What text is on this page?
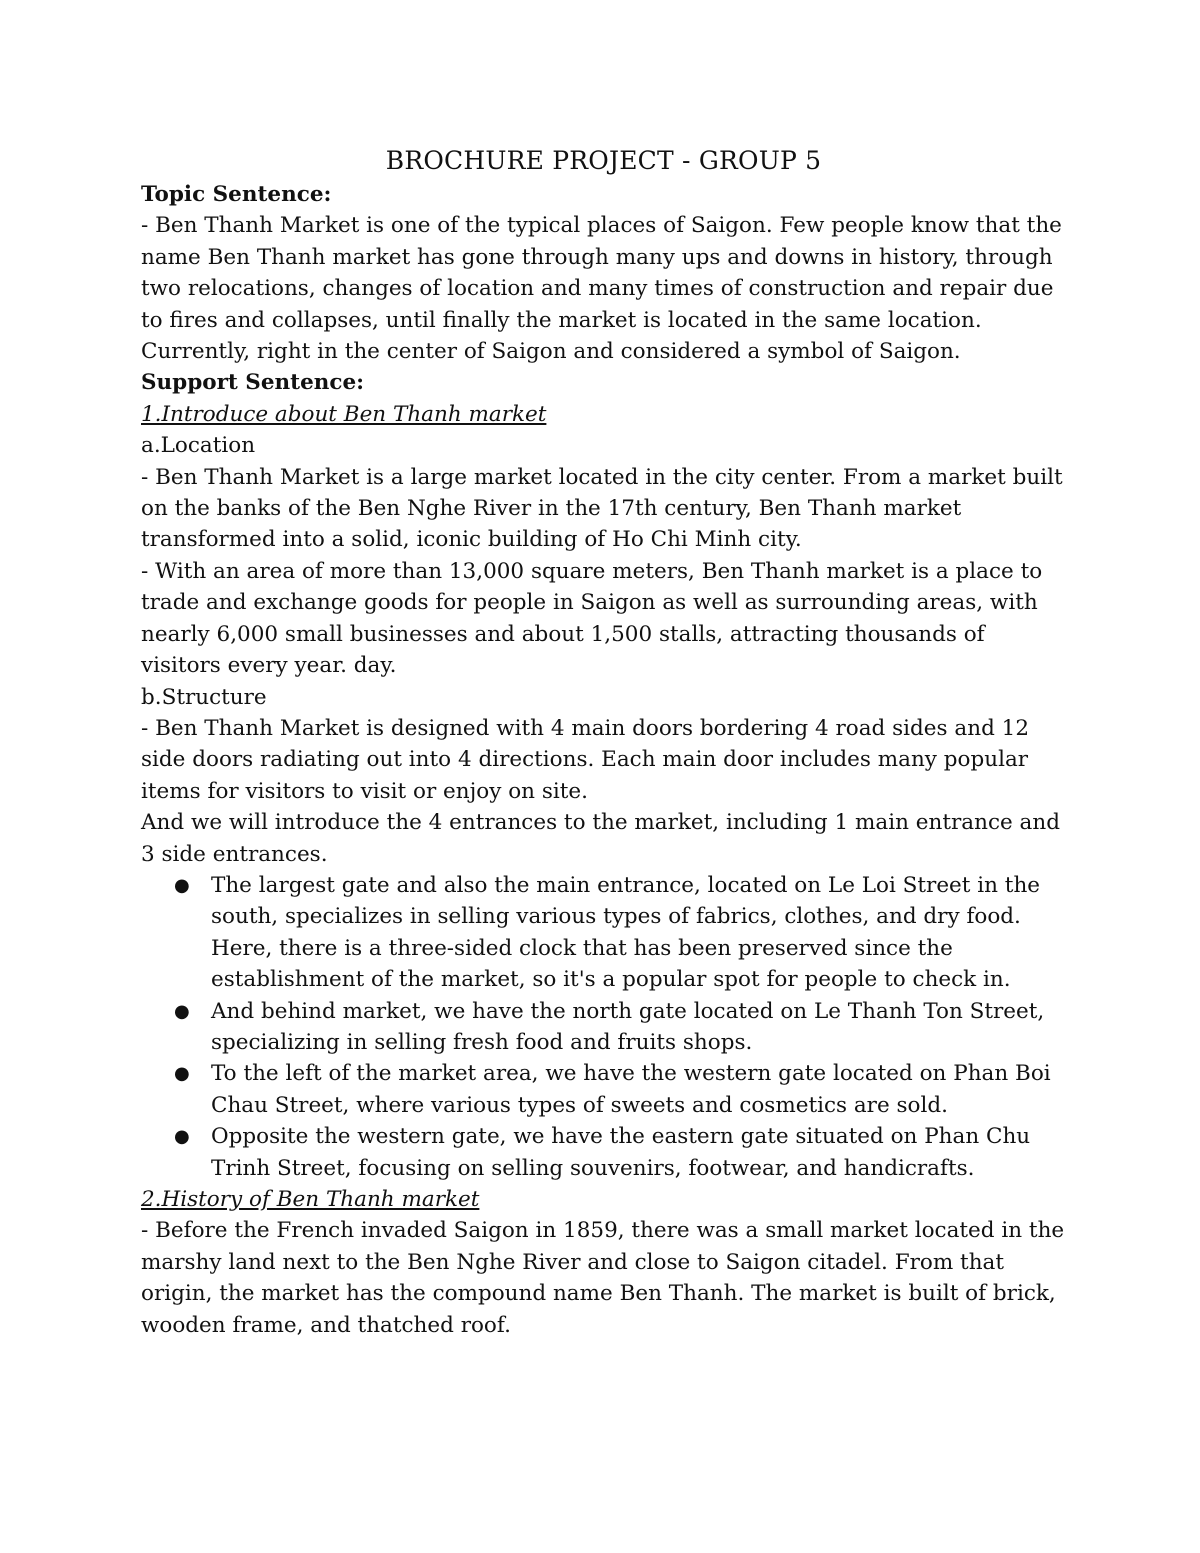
BROCHURE PROJECT - GROUP 5

Topic Sentence:

- Ben Thanh Market is one of the typical places of Saigon. Few people know that the name Ben Thanh market has gone through many ups and downs in history, through two relocations, changes of location and many times of construction and repair due to fires and collapses, until finally the market is located in the same location. Currently, right in the center of Saigon and considered a symbol of Saigon.

Support Sentence:

1.Introduce about Ben Thanh market

a.Location

- Ben Thanh Market is a large market located in the city center. From a market built on the banks of the Ben Nghe River in the 17th century, Ben Thanh market transformed into a solid, iconic building of Ho Chi Minh city.

- With an area of more than 13,000 square meters, Ben Thanh market is a place to trade and exchange goods for people in Saigon as well as surrounding areas, with nearly 6,000 small businesses and about 1,500 stalls, attracting thousands of visitors every year. day.

b.Structure

- Ben Thanh Market is designed with 4 main doors bordering 4 road sides and 12 side doors radiating out into 4 directions. Each main door includes many popular items for visitors to visit or enjoy on site.

And we will introduce the 4 entrances to the market, including 1 main entrance and 3 side entrances.

● The largest gate and also the main entrance, located on Le Loi Street in the south, specializes in selling various types of fabrics, clothes, and dry food. Here, there is a three-sided clock that has been preserved since the establishment of the market, so it's a popular spot for people to check in.
● And behind market, we have the north gate located on Le Thanh Ton Street, specializing in selling fresh food and fruits shops.
● To the left of the market area, we have the western gate located on Phan Boi Chau Street, where various types of sweets and cosmetics are sold.
● Opposite the western gate, we have the eastern gate situated on Phan Chu Trinh Street, focusing on selling souvenirs, footwear, and handicrafts.

2.History of Ben Thanh market

- Before the French invaded Saigon in 1859, there was a small market located in the marshy land next to the Ben Nghe River and close to Saigon citadel. From that origin, the market has the compound name Ben Thanh. The market is built of brick, wooden frame, and thatched roof.
